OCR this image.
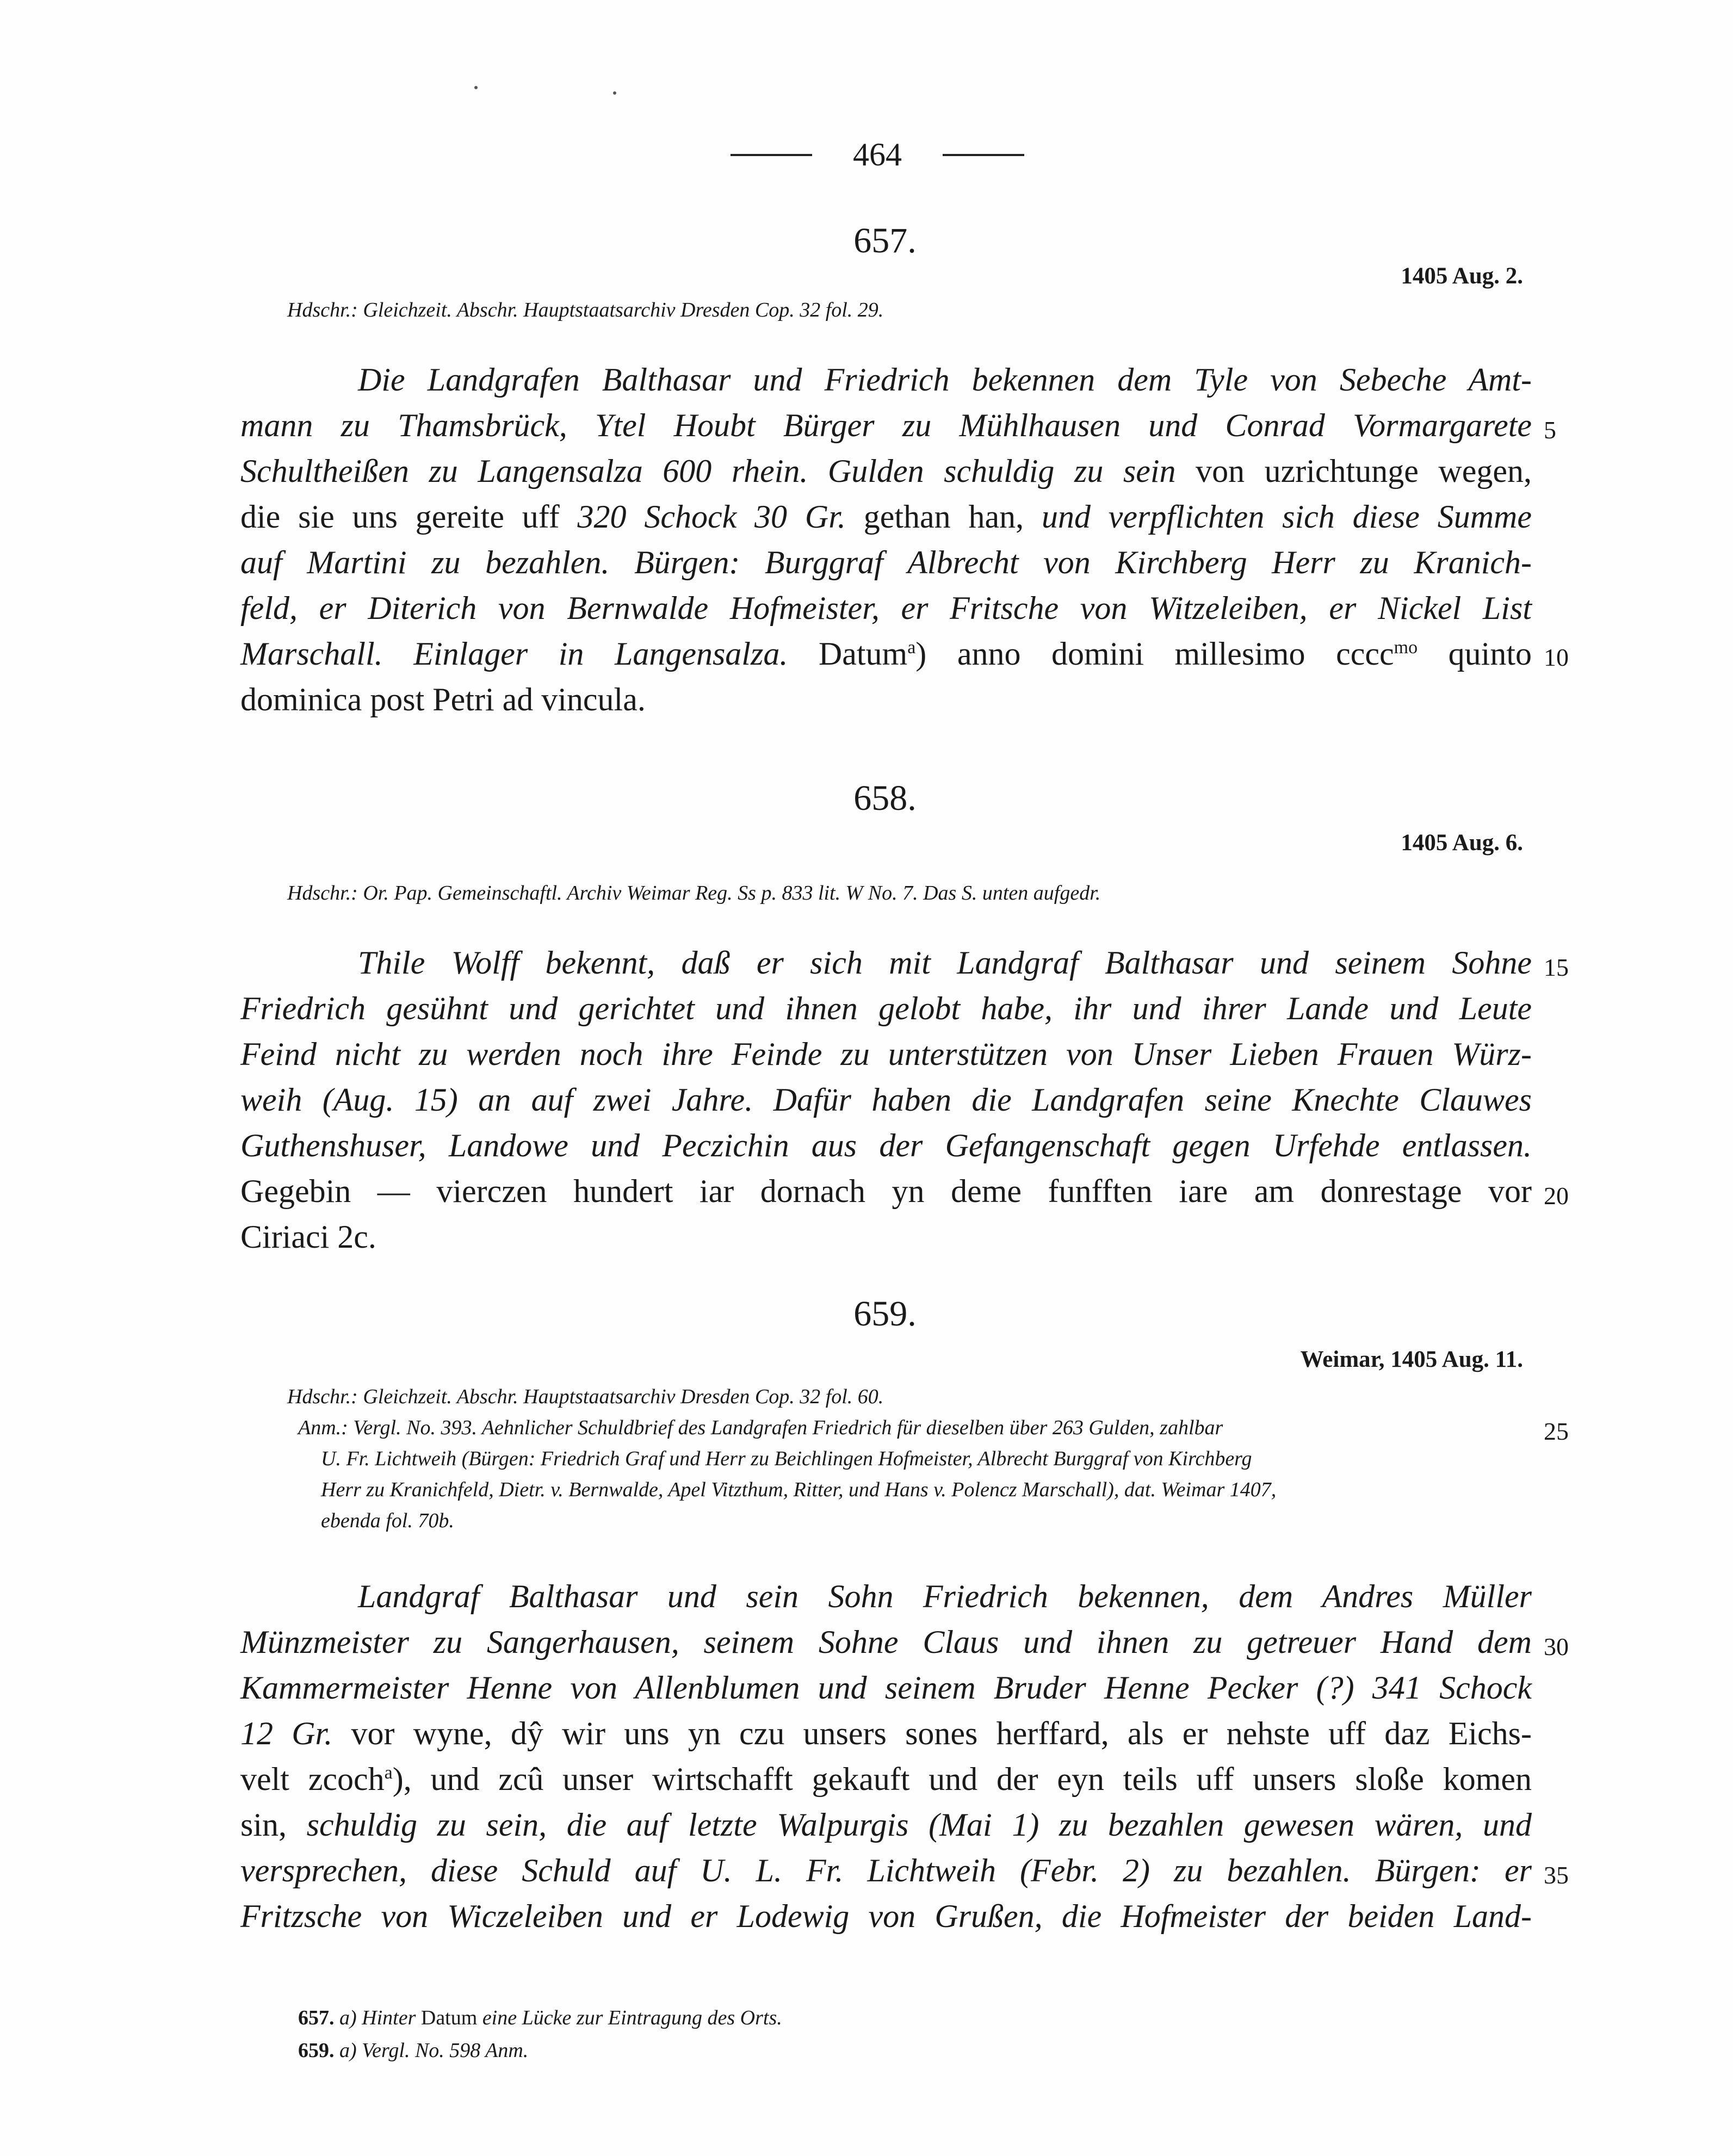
464
657.
1405 Aug. 2.
Hdschr.: Gleichzeit. Abschr. Hauptstaatsarchiv Dresden Cop. 32 fol. 29.
Die Landgrafen Balthasar und Friedrich bekennen dem Tyle von Sebeche Amt-
mann zu Thamsbrück, Ytel Houbt Bürger zu Mühlhausen und Conrad Vormargarete
Schultheißen zu Langensalza 600 rhein. Gulden schuldig zu sein von uzrichtunge wegen,
die sie uns gereite uff 320 Schock 30 Gr. gethan han, und verpflichten sich diese Summe
auf Martini zu bezahlen. Bürgen: Burggraf Albrecht von Kirchberg Herr zu Kranich-
feld, er Diterich von Bernwalde Hofmeister, er Fritsche von Witzeleiben, er Nickel List
Marschall. Einlager in Langensalza. Datum$^a$) anno domini millesimo cccc$^{mo}$ quinto
dominica post Petri ad vincula.
5
10
658.
1405 Aug. 6.
Hdschr.: Or. Pap. Gemeinschaftl. Archiv Weimar Reg. Ss p. 833 lit. W No. 7. Das S. unten aufgedr.
Thile Wolff bekennt, daß er sich mit Landgraf Balthasar und seinem Sohne
Friedrich gesühnt und gerichtet und ihnen gelobt habe, ihr und ihrer Lande und Leute
Feind nicht zu werden noch ihre Feinde zu unterstützen von Unser Lieben Frauen Würz-
weih (Aug. 15) an auf zwei Jahre. Dafür haben die Landgrafen seine Knechte Clauwes
Guthenshuser, Landowe und Peczichin aus der Gefangenschaft gegen Urfehde entlassen.
Gegebin — vierczen hundert iar dornach yn deme funfften iare am donrestage vor
Ciriaci 2c.
15
20
659.
Weimar, 1405 Aug. 11.
Hdschr.: Gleichzeit. Abschr. Hauptstaatsarchiv Dresden Cop. 32 fol. 60.
Anm.: Vergl. No. 393. Aehnlicher Schuldbrief des Landgrafen Friedrich für dieselben über 263 Gulden, zahlbar
U. Fr. Lichtweih (Bürgen: Friedrich Graf und Herr zu Beichlingen Hofmeister, Albrecht Burggraf von Kirchberg
Herr zu Kranichfeld, Dietr. v. Bernwalde, Apel Vitzthum, Ritter, und Hans v. Polencz Marschall), dat. Weimar 1407,
ebenda fol. 70b.
Landgraf Balthasar und sein Sohn Friedrich bekennen, dem Andres Müller
Münzmeister zu Sangerhausen, seinem Sohne Claus und ihnen zu getreuer Hand dem
Kammermeister Henne von Allenblumen und seinem Bruder Henne Pecker (?) 341 Schock
12 Gr. vor wyne, dŷ wir uns yn czu unsers sones herffard, als er nehste uff daz Eichs-
velt zcoch$^a$), und zcû unser wirtschafft gekauft und der eyn teils uff unsers sloße komen
sin, schuldig zu sein, die auf letzte Walpurgis (Mai 1) zu bezahlen gewesen wären, und
versprechen, diese Schuld auf U. L. Fr. Lichtweih (Febr. 2) zu bezahlen. Bürgen: er
Fritzsche von Wiczeleiben und er Lodewig von Grußen, die Hofmeister der beiden Land-
25
30
35
657. a) Hinter Datum eine Lücke zur Eintragung des Orts.
659. a) Vergl. No. 598 Anm.
